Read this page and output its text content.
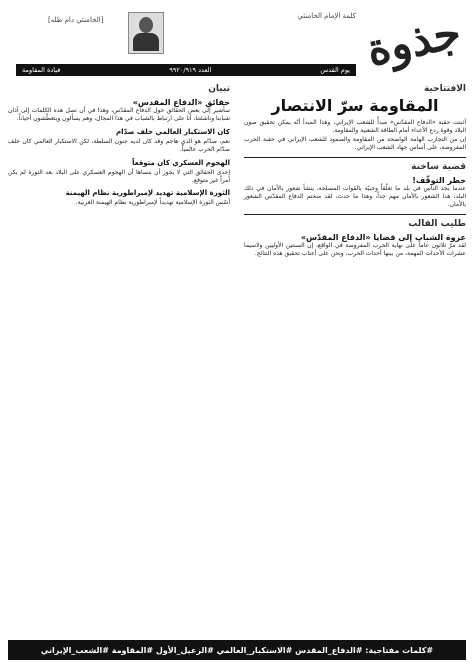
جذوة
كلمة الإمام الخامنئي
[الخامنئي دام ظله]
يوم القدس
العدد ٩٩٢٠/٩١٩
قيادة المقاومة
الافتتاحية
المقاومة سرّ الانتصار
أثبتت حقبة «الدفاع المقدّس» مبدأً للشعب الإيراني، وهذا المبدأ أنّه يمكن تحقيق صون البلاد وقوة ردع الأعداء أمام الطاقة الشعبية والمقاومة.
إن من التجارب الهامة الواضحة من المقاومة والصمود للشعب الإيراني في حقبة الحرب المفروضة، على أساس جهاد الشعب الإيراني.
قضية ساخنة
خطر التوقّف!
عندما يجد الناس في بلد ما تعلّقاً وحبيّة بالقوات المسلحة، ينشأ شعور بالأمان في ذلك البلد، هذا الشعور بالأمان مهم جداً، وهذا ما حدث، لقد منحتم الدفاع المقدّس الشعور بالأمان.
طليب القالب
عزوة الشباب إلى قضايا «الدفاع المقدّس»
لقد مرّ ثلاثون عاماً على نهاية الحرب المفروضة في الواقع، إن السنتين الأوليين ولاسيما عشرات الأحداث المهمة، من بينها أحداث الحرب، ونحن على أعتاب تحقيق هذه النتائج.
تبيان
حقائق «الدفاع المقدس»
سأشير إلى بعض الحقائق حول الدفاع المقدّس، وهذا في أن تصل هذه الكلمات إلى آذان شبابنا وناشئتنا، أنا على ارتباط بالشباب في هذا المجال، وهم يسألون ويتعطّشون أحياناً.
كان الاستكبار العالمي خلف صدّام
نعم، صدّام هو الذي هاجم وقد كان لديه جنون السلطة، لكن الاستكبار العالمي كان خلف صدّام الحرب عالمياً.
الهجوم العسكري كان متوقعاً
إحدى الحقائق التي لا يجوز أن ننساها أن الهجوم العسكري على البلاد بعد الثورة لم يكن أمراً غير متوقع.
الثورة الإسلامية تهديد لإمبراطورية نظام الهيمنة
أسّس الثورة الإسلامية تهديداً لإمبراطورية نظام الهيمنة الغربية.
#كلمات مفتاحية: #الدفاع_المقدس #الاستكبار_العالمي #الزعيل_الأول #المقاومة #الشعب_الإيراني
